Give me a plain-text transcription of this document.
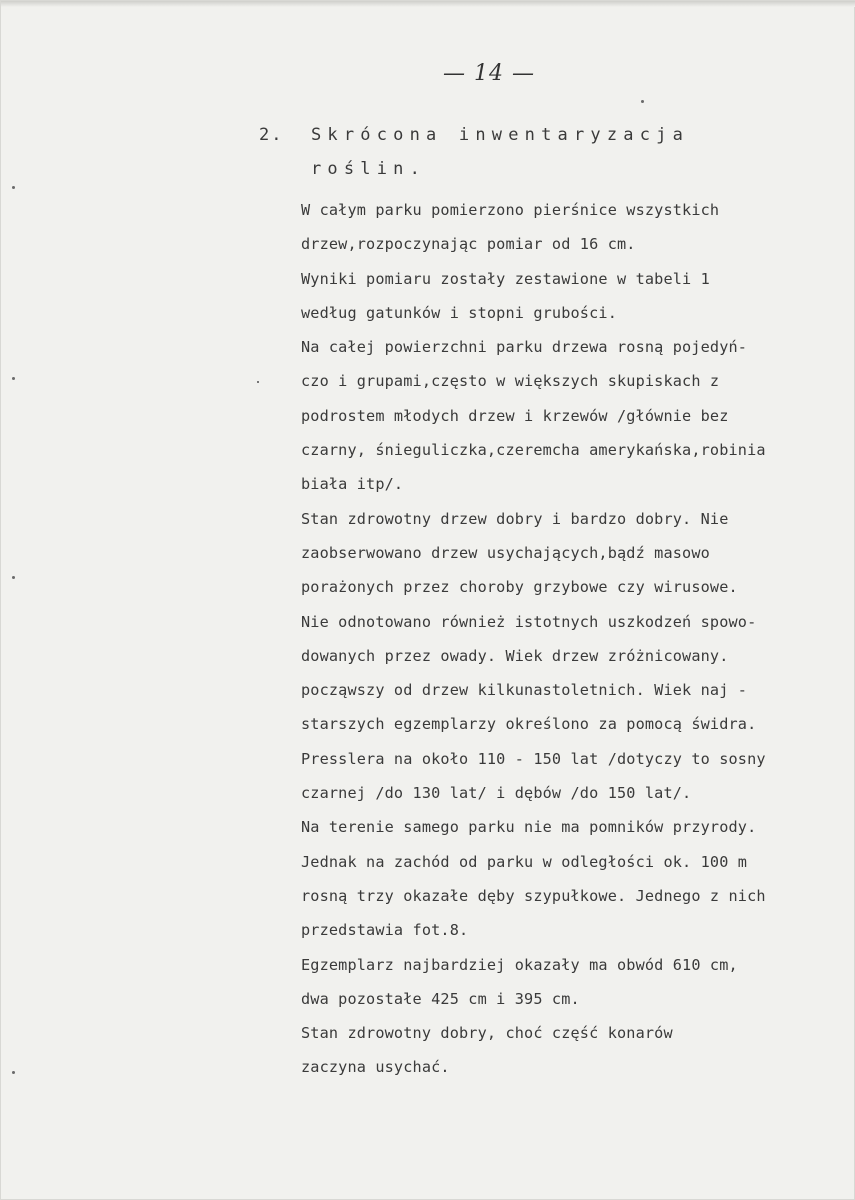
— 14 —
2. Skrócona inwentaryzacja
roślin.
W całym parku pomierzono pierśnice wszystkich
drzew,rozpoczynając pomiar od 16 cm.
Wyniki pomiaru zostały zestawione w tabeli 1
według gatunków i stopni grubości.
Na całej powierzchni parku drzewa rosną pojedyń-
czo i grupami,często w większych skupiskach z
podrostem młodych drzew i krzewów /głównie bez
czarny, śnieguliczka,czeremcha amerykańska,robinia
biała itp/.
Stan zdrowotny drzew dobry i bardzo dobry. Nie
zaobserwowano drzew usychających,bądź masowo
porażonych przez choroby grzybowe czy wirusowe.
Nie odnotowano również istotnych uszkodzeń spowo-
dowanych przez owady. Wiek drzew zróżnicowany.
począwszy od drzew kilkunastoletnich. Wiek naj -
starszych egzemplarzy określono za pomocą świdra.
Presslera na około 110 - 150 lat /dotyczy to sosny
czarnej /do 130 lat/ i dębów /do 150 lat/.
Na terenie samego parku nie ma pomników przyrody.
Jednak na zachód od parku w odległości ok. 100 m
rosną trzy okazałe dęby szypułkowe. Jednego z nich
przedstawia fot.8.
Egzemplarz najbardziej okazały ma obwód 610 cm,
dwa pozostałe 425 cm i 395 cm.
Stan zdrowotny dobry, choć część konarów
zaczyna usychać.
